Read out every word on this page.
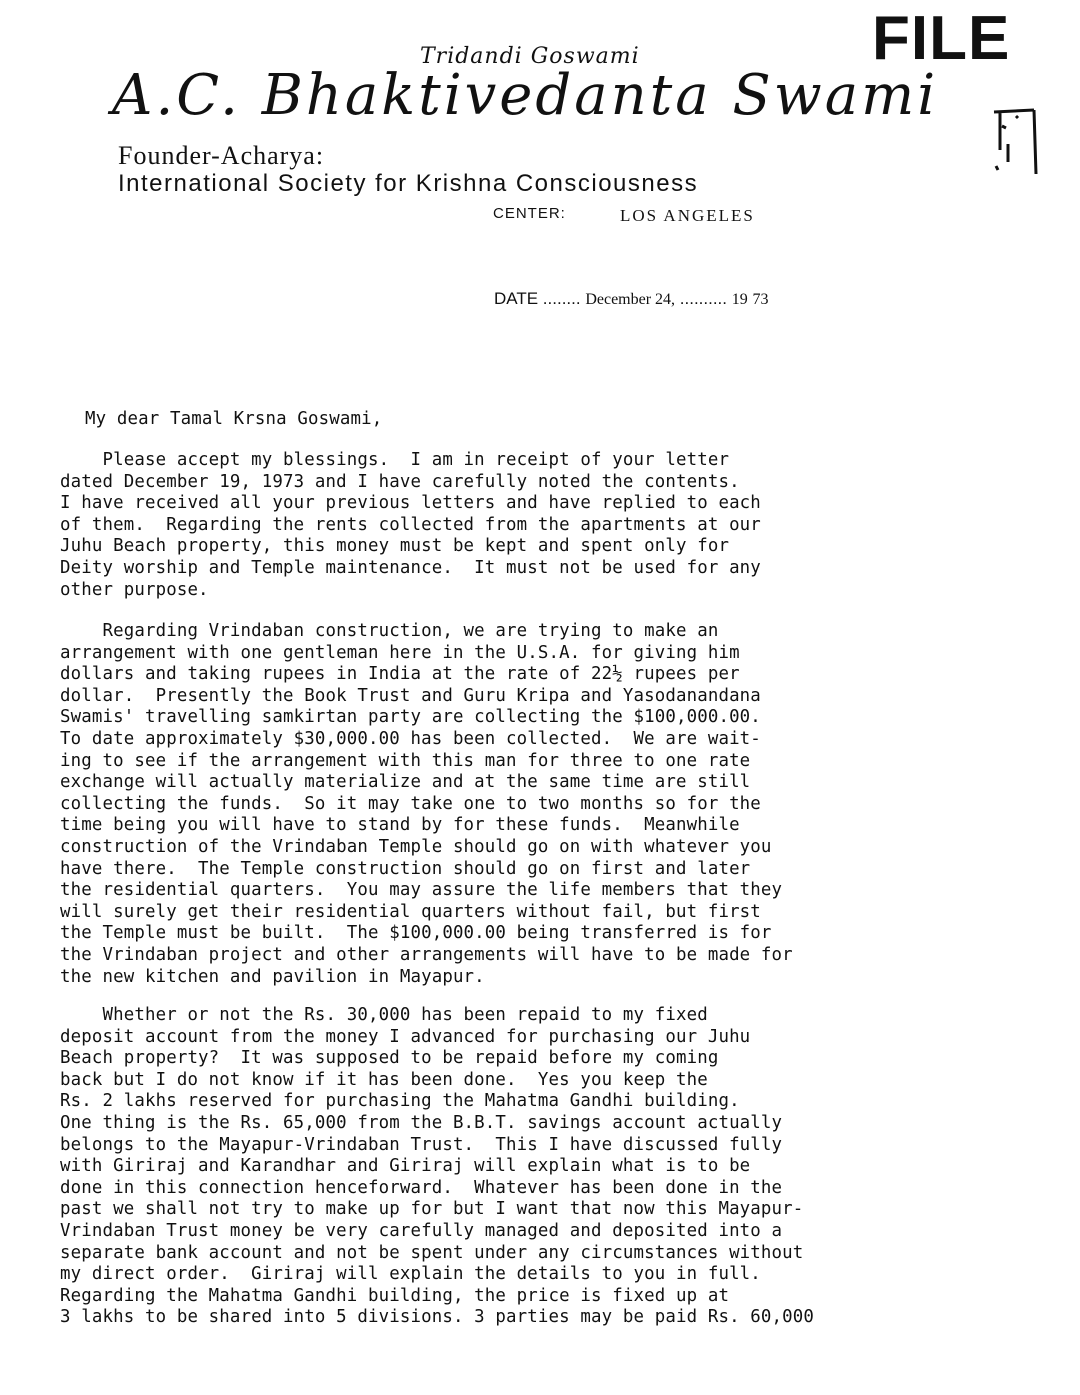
FILE
Tridandi Goswami
A.C. Bhaktivedanta Swami
Founder-Acharya:
International Society for Krishna Consciousness
CENTER:	LOS ANGELES
DATE ........ December 24, .......... 19 73
My dear Tamal Krsna Goswami,
Please accept my blessings.  I am in receipt of your letter
dated December 19, 1973 and I have carefully noted the contents.
I have received all your previous letters and have replied to each
of them.  Regarding the rents collected from the apartments at our
Juhu Beach property, this money must be kept and spent only for
Deity worship and Temple maintenance.  It must not be used for any
other purpose.
Regarding Vrindaban construction, we are trying to make an
arrangement with one gentleman here in the U.S.A. for giving him
dollars and taking rupees in India at the rate of 22½ rupees per
dollar.  Presently the Book Trust and Guru Kripa and Yasodanandana
Swamis' travelling samkirtan party are collecting the $100,000.00.
To date approximately $30,000.00 has been collected.  We are wait-
ing to see if the arrangement with this man for three to one rate
exchange will actually materialize and at the same time are still
collecting the funds.  So it may take one to two months so for the
time being you will have to stand by for these funds.  Meanwhile
construction of the Vrindaban Temple should go on with whatever you
have there.  The Temple construction should go on first and later
the residential quarters.  You may assure the life members that they
will surely get their residential quarters without fail, but first
the Temple must be built.  The $100,000.00 being transferred is for
the Vrindaban project and other arrangements will have to be made for
the new kitchen and pavilion in Mayapur.
Whether or not the Rs. 30,000 has been repaid to my fixed
deposit account from the money I advanced for purchasing our Juhu
Beach property?  It was supposed to be repaid before my coming
back but I do not know if it has been done.  Yes you keep the
Rs. 2 lakhs reserved for purchasing the Mahatma Gandhi building.
One thing is the Rs. 65,000 from the B.B.T. savings account actually
belongs to the Mayapur-Vrindaban Trust.  This I have discussed fully
with Giriraj and Karandhar and Giriraj will explain what is to be
done in this connection henceforward.  Whatever has been done in the
past we shall not try to make up for but I want that now this Mayapur-
Vrindaban Trust money be very carefully managed and deposited into a
separate bank account and not be spent under any circumstances without
my direct order.  Giriraj will explain the details to you in full.
Regarding the Mahatma Gandhi building, the price is fixed up at
3 lakhs to be shared into 5 divisions. 3 parties may be paid Rs. 60,000
